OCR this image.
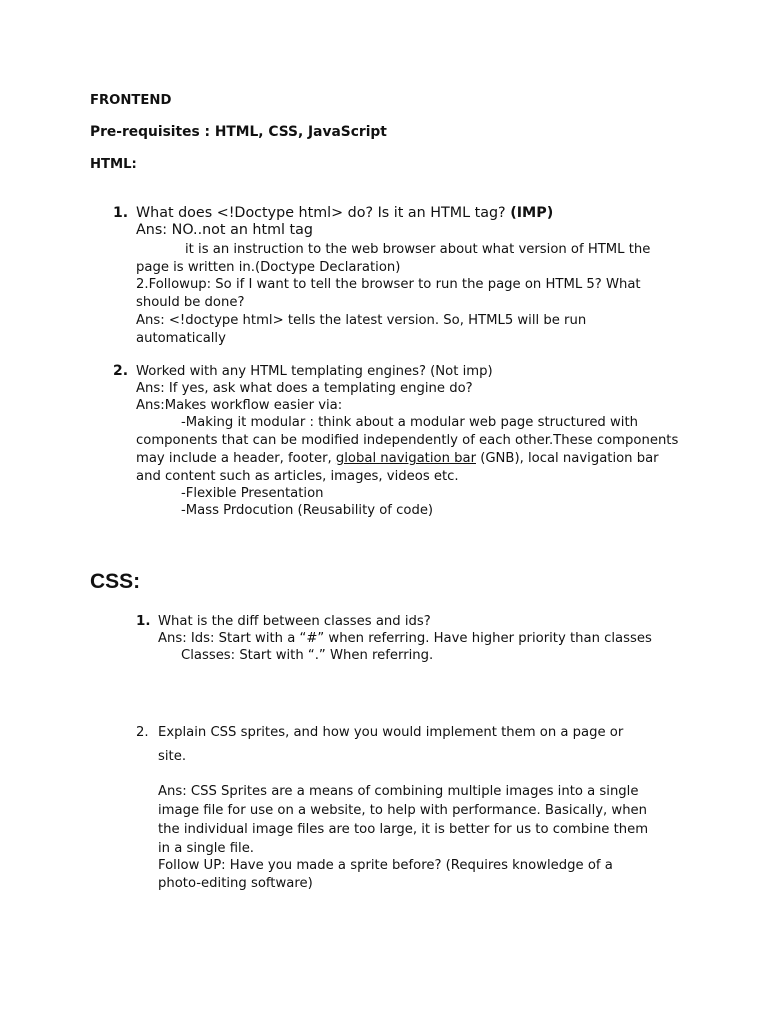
FRONTEND
Pre-requisites : HTML, CSS, JavaScript
HTML:
1. What does <!Doctype html> do? Is it an HTML tag? (IMP)
Ans: NO..not an html tag
it is an instruction to the web browser about what version of HTML the
page is written in.(Doctype Declaration)
2.Followup: So if I want to tell the browser to run the page on HTML 5? What
should be done?
Ans: <!doctype html> tells the latest version. So, HTML5 will be run
automatically
2. Worked with any HTML templating engines? (Not imp)
Ans: If yes, ask what does a templating engine do?
Ans:Makes workflow easier via:
-Making it modular : think about a modular web page structured with
components that can be modified independently of each other.These components
may include a header, footer, global navigation bar (GNB), local navigation bar
and content such as articles, images, videos etc.
-Flexible Presentation
-Mass Prdocution (Reusability of code)
CSS:
1. What is the diff between classes and ids?
Ans: Ids: Start with a “#” when referring. Have higher priority than classes
Classes: Start with “.” When referring.
2. Explain CSS sprites, and how you would implement them on a page or
site.
Ans: CSS Sprites are a means of combining multiple images into a single
image file for use on a website, to help with performance. Basically, when
the individual image files are too large, it is better for us to combine them
in a single file.
Follow UP: Have you made a sprite before? (Requires knowledge of a
photo-editing software)
